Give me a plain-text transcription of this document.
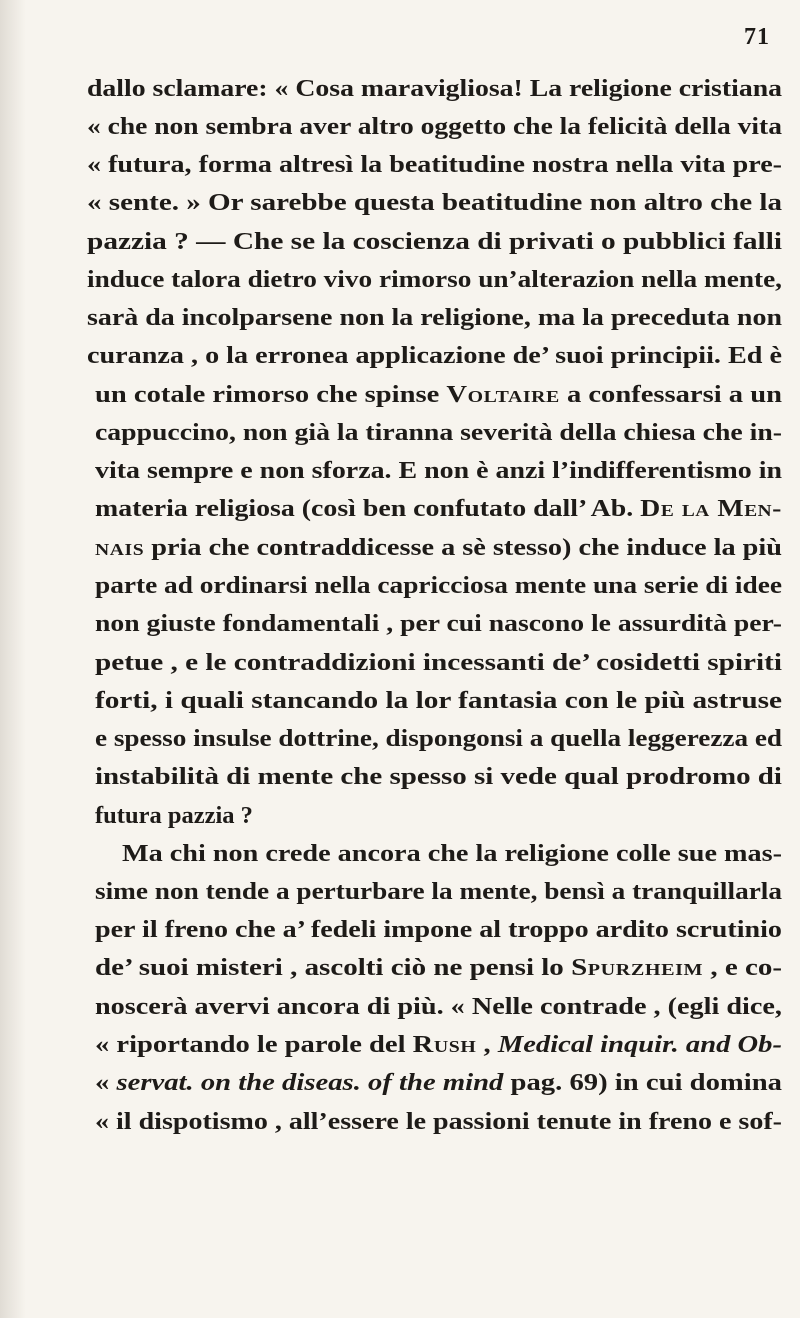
71
dallo sclamare: « Cosa maravigliosa! La religione cristiana
« che non sembra aver altro oggetto che la felicità della vita
« futura, forma altresì la beatitudine nostra nella vita pre-
« sente. » Or sarebbe questa beatitudine non altro che la
pazzia ? — Che se la coscienza di privati o pubblici falli
induce talora dietro vivo rimorso un’alterazion nella mente,
sarà da incolparsene non la religione, ma la preceduta non
curanza , o la erronea applicazione de’ suoi principii. Ed è
un cotale rimorso che spinse Voltaire a confessarsi a un
cappuccino, non già la tiranna severità della chiesa che in-
vita sempre e non sforza. E non è anzi l’indifferentismo in
materia religiosa (così ben confutato dall’ Ab. De la Men-
nais pria che contraddicesse a sè stesso) che induce la più
parte ad ordinarsi nella capricciosa mente una serie di idee
non giuste fondamentali , per cui nascono le assurdità per-
petue , e le contraddizioni incessanti de’ cosidetti spiriti
forti, i quali stancando la lor fantasia con le più astruse
e spesso insulse dottrine, dispongonsi a quella leggerezza ed
instabilità di mente che spesso si vede qual prodromo di
futura pazzia ?
Ma chi non crede ancora che la religione colle sue mas-
sime non tende a perturbare la mente, bensì a tranquillarla
per il freno che a’ fedeli impone al troppo ardito scrutinio
de’ suoi misteri , ascolti ciò ne pensi lo Spurzheim , e co-
noscerà avervi ancora di più. « Nelle contrade , (egli dice,
« riportando le parole del Rush , Medical inquir. and Ob-
« servat. on the diseas. of the mind pag. 69) in cui domina
« il dispotismo , all’essere le passioni tenute in freno e sof-
